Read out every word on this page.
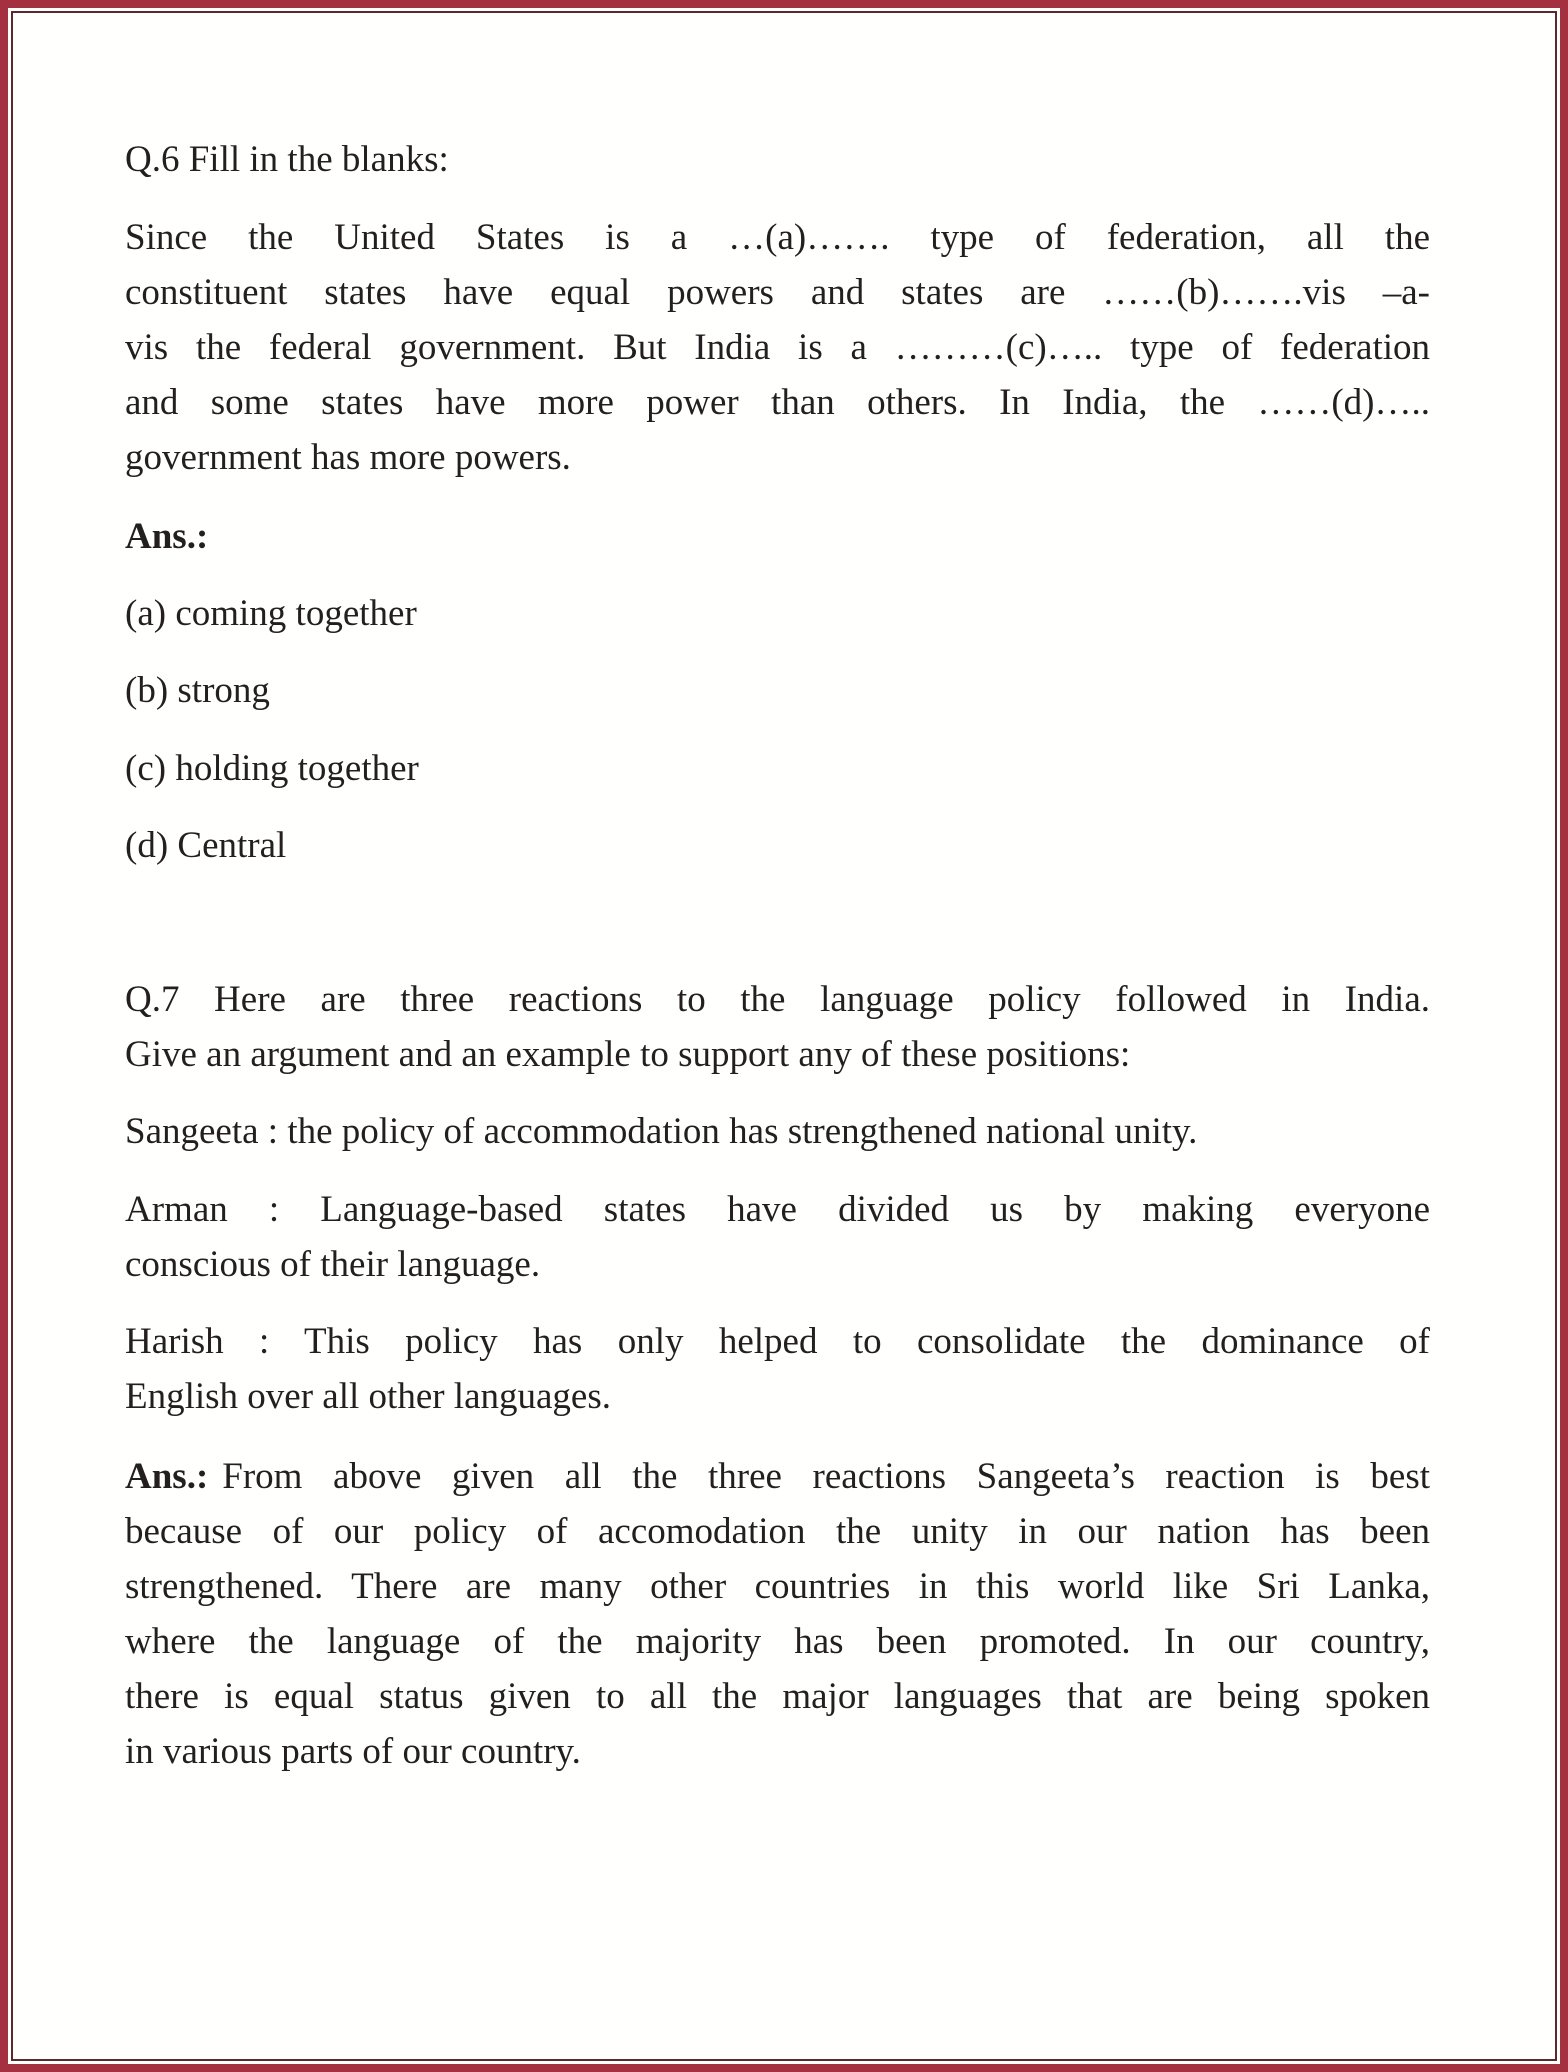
Q.6 Fill in the blanks:
Since the United States is a …(a)……. type of federation, all the
constituent states have equal powers and states are ……(b)…….vis –a-
vis the federal government. But India is a ………(c)….. type of federation
and some states have more power than others. In India, the ……(d)…..
government has more powers.
Ans.:
(a) coming together
(b) strong
(c) holding together
(d) Central
Q.7 Here are three reactions to the language policy followed in India.
Give an argument and an example to support any of these positions:
Sangeeta : the policy of accommodation has strengthened national unity.
Arman : Language-based states have divided us by making everyone
conscious of their language.
Harish : This policy has only helped to consolidate the dominance of
English over all other languages.
Ans.: From above given all the three reactions Sangeeta’s reaction is best
because of our policy of accomodation the unity in our nation has been
strengthened. There are many other countries in this world like Sri Lanka,
where the language of the majority has been promoted. In our country,
there is equal status given to all the major languages that are being spoken
in various parts of our country.
